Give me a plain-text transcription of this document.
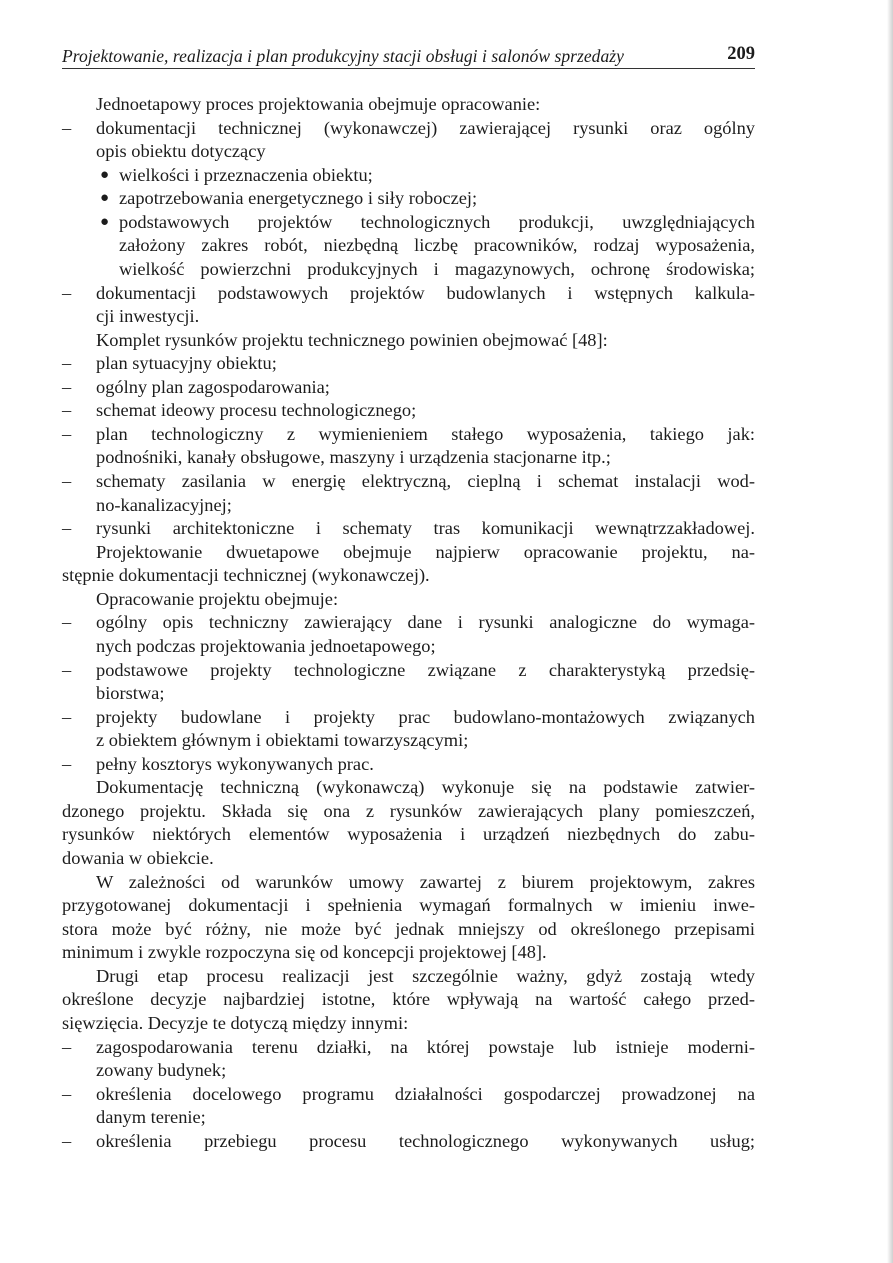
Projektowanie, realizacja i plan produkcyjny stacji obsługi i salonów sprzedaży	209
Jednoetapowy proces projektowania obejmuje opracowanie:
– dokumentacji technicznej (wykonawczej) zawierającej rysunki oraz ogólny
opis obiektu dotyczący
● wielkości i przeznaczenia obiektu;
● zapotrzebowania energetycznego i siły roboczej;
● podstawowych projektów technologicznych produkcji, uwzględniających
założony zakres robót, niezbędną liczbę pracowników, rodzaj wyposażenia,
wielkość powierzchni produkcyjnych i magazynowych, ochronę środowiska;
– dokumentacji podstawowych projektów budowlanych i wstępnych kalkula-
cji inwestycji.
Komplet rysunków projektu technicznego powinien obejmować [48]:
– plan sytuacyjny obiektu;
– ogólny plan zagospodarowania;
– schemat ideowy procesu technologicznego;
– plan technologiczny z wymienieniem stałego wyposażenia, takiego jak:
podnośniki, kanały obsługowe, maszyny i urządzenia stacjonarne itp.;
– schematy zasilania w energię elektryczną, cieplną i schemat instalacji wod-
no-kanalizacyjnej;
– rysunki architektoniczne i schematy tras komunikacji wewnątrzzakładowej.
Projektowanie dwuetapowe obejmuje najpierw opracowanie projektu, na-
stępnie dokumentacji technicznej (wykonawczej).
Opracowanie projektu obejmuje:
– ogólny opis techniczny zawierający dane i rysunki analogiczne do wymaga-
nych podczas projektowania jednoetapowego;
– podstawowe projekty technologiczne związane z charakterystyką przedsię-
biorstwa;
– projekty budowlane i projekty prac budowlano-montażowych związanych
z obiektem głównym i obiektami towarzyszącymi;
– pełny kosztorys wykonywanych prac.
Dokumentację techniczną (wykonawczą) wykonuje się na podstawie zatwier-
dzonego projektu. Składa się ona z rysunków zawierających plany pomieszczeń,
rysunków niektórych elementów wyposażenia i urządzeń niezbędnych do zabu-
dowania w obiekcie.
W zależności od warunków umowy zawartej z biurem projektowym, zakres
przygotowanej dokumentacji i spełnienia wymagań formalnych w imieniu inwe-
stora może być różny, nie może być jednak mniejszy od określonego przepisami
minimum i zwykle rozpoczyna się od koncepcji projektowej [48].
Drugi etap procesu realizacji jest szczególnie ważny, gdyż zostają wtedy
określone decyzje najbardziej istotne, które wpływają na wartość całego przed-
sięwzięcia. Decyzje te dotyczą między innymi:
– zagospodarowania terenu działki, na której powstaje lub istnieje moderni-
zowany budynek;
– określenia docelowego programu działalności gospodarczej prowadzonej na
danym terenie;
– określenia przebiegu procesu technologicznego wykonywanych usług;
